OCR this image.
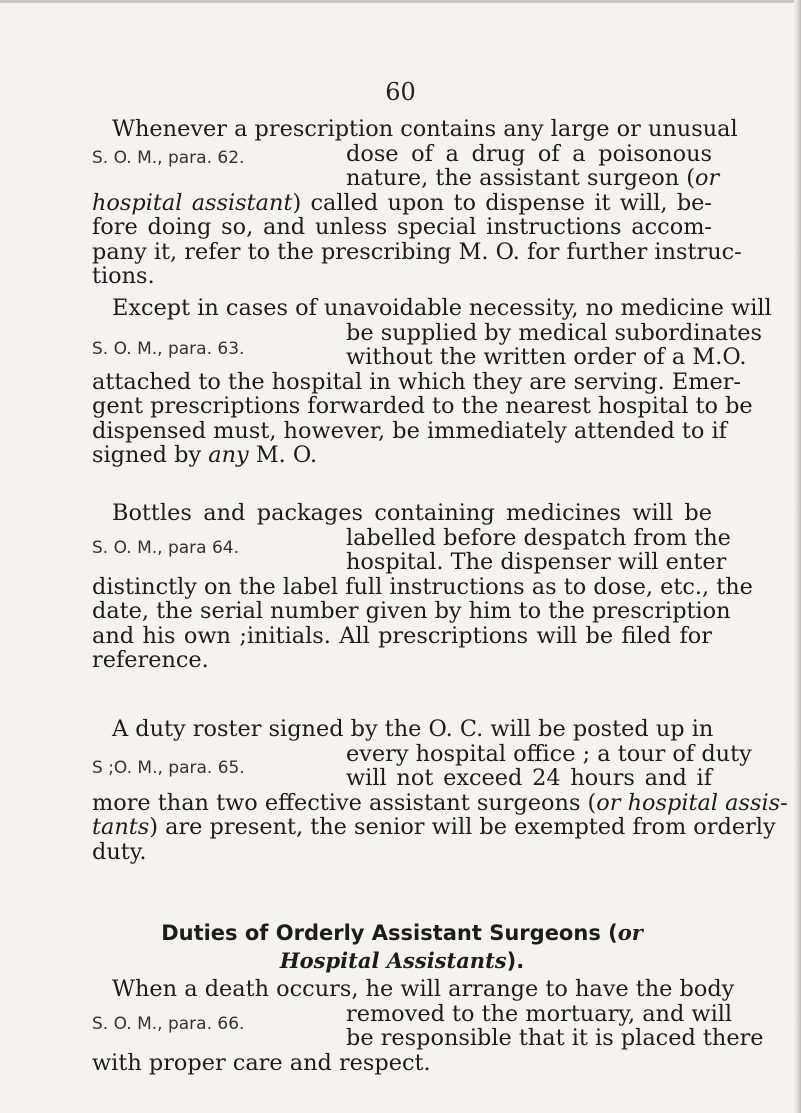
60
S. O. M., para. 62.
Whenever a prescription contains any large or unusual
dose of a drug of a poisonous
nature, the assistant surgeon (or
hospital assistant) called upon to dispense it will, be-
fore doing so, and unless special instructions accom-
pany it, refer to the prescribing M. O. for further instruc-
tions.
S. O. M., para. 63.
Except in cases of unavoidable necessity, no medicine will
be supplied by medical subordinates
without the written order of a M.O.
attached to the hospital in which they are serving. Emer-
gent prescriptions forwarded to the nearest hospital to be
dispensed must, however, be immediately attended to if
signed by any M. O.
S. O. M., para 64.
Bottles and packages containing medicines will be
labelled before despatch from the
hospital. The dispenser will enter
distinctly on the label full instructions as to dose, etc., the
date, the serial number given by him to the prescription
and his own ;initials. All prescriptions will be filed for
reference.
S ;O. M., para. 65.
A duty roster signed by the O. C. will be posted up in
every hospital office ; a tour of duty
will not exceed 24 hours and if
more than two effective assistant surgeons (or hospital assis-
tants) are present, the senior will be exempted from orderly
duty.
Duties of Orderly Assistant Surgeons (or
Hospital Assistants).
S. O. M., para. 66.
When a death occurs, he will arrange to have the body
removed to the mortuary, and will
be responsible that it is placed there
with proper care and respect.
